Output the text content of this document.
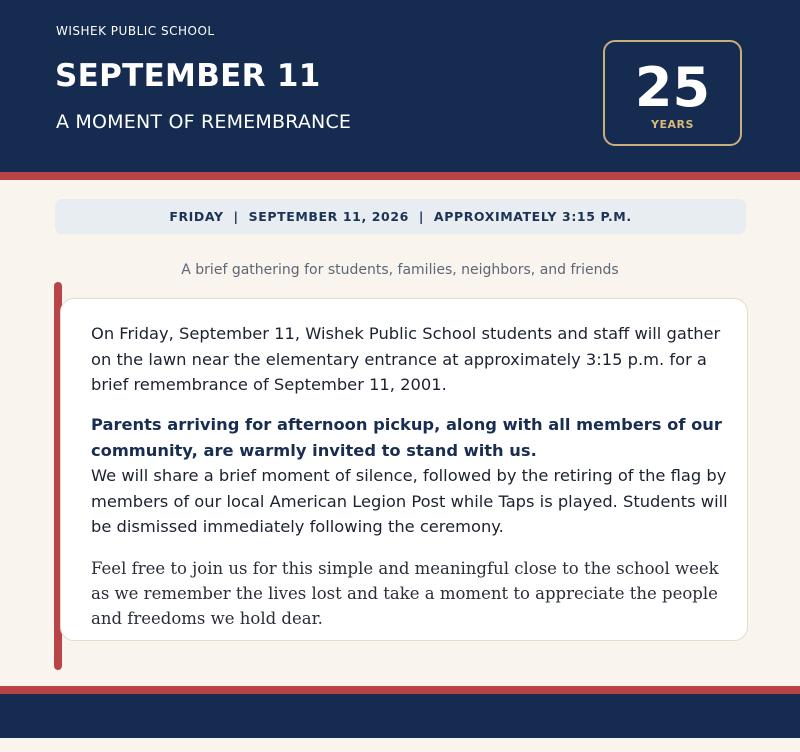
WISHEK PUBLIC SCHOOL
SEPTEMBER 11
A MOMENT OF REMEMBRANCE
25
YEARS
FRIDAY  |  SEPTEMBER 11, 2026  |  APPROXIMATELY 3:15 P.M.
A brief gathering for students, families, neighbors, and friends

On Friday, September 11, Wishek Public School students and staff will gather on the lawn near the elementary entrance at approximately 3:15 p.m. for a brief remembrance of September 11, 2001.

Parents arriving for afternoon pickup, along with all members of our community, are warmly invited to stand with us.

We will share a brief moment of silence, followed by the retiring of the flag by members of our local American Legion Post while Taps is played. Students will be dismissed immediately following the ceremony.

Feel free to join us for this simple and meaningful close to the school week as we remember the lives lost and take a moment to appreciate the people and freedoms we hold dear.
